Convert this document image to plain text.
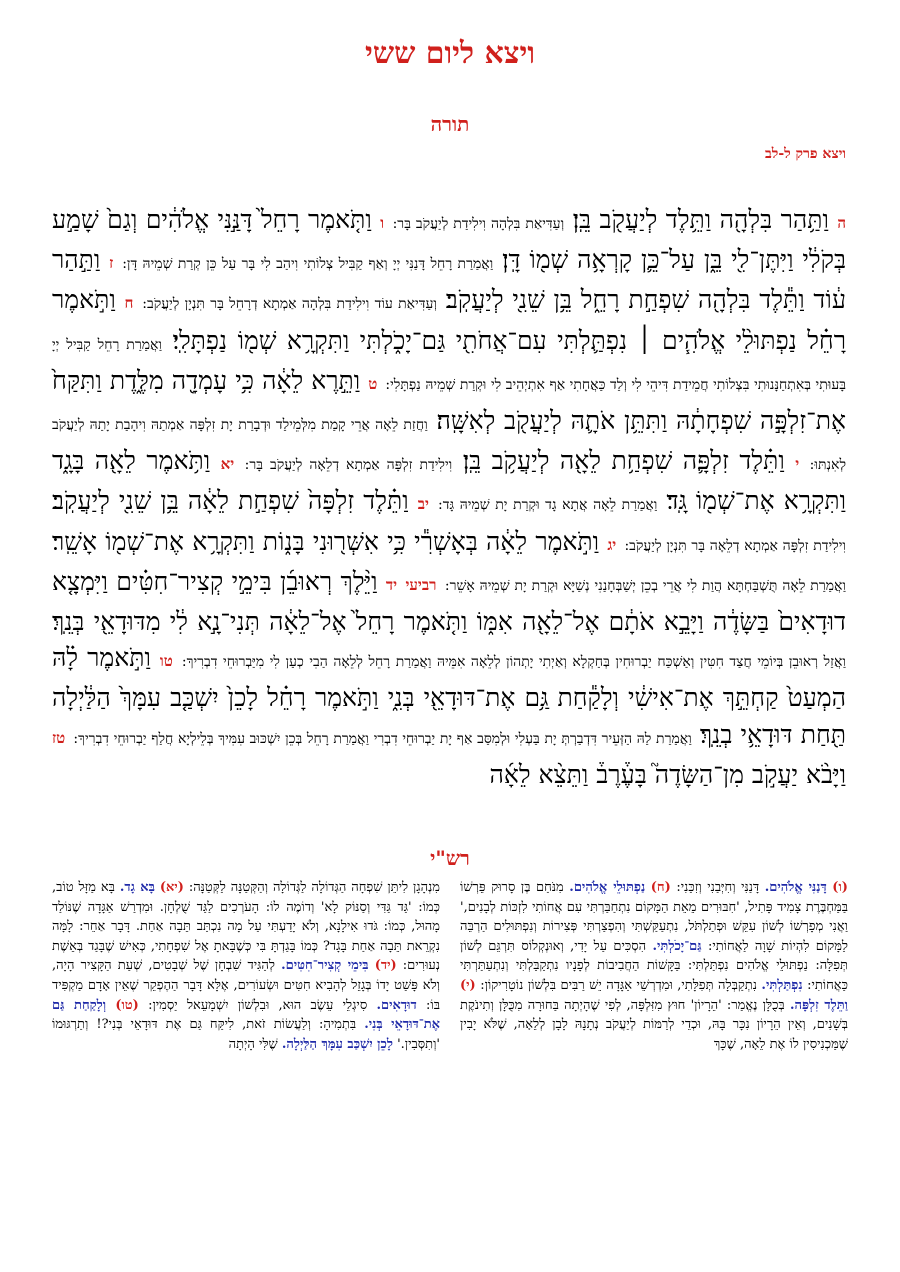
ויצא ליום ששי
תורה
ויצא פרק ל-לב

ה וַתַּ֥הַר בִּלְהָ֖ה וַתֵּ֥לֶד לְיַעֲקֹ֖ב בֵּֽן׃ וְעַדִּיאַת בִּלְהָה וִילִידַת לְיַעֲקֹב בָּר: ו וַתֹּ֤אמֶר רָחֵל֙ דָּנַּ֣נִּי אֱלֹהִ֔ים וְגַם֙ שָׁמַ֣ע בְּקֹלִ֔י וַיִּתֶּן־לִ֖י בֵּ֑ן עַל־כֵּ֛ן קָרְאָ֥ה שְׁמ֖וֹ דָּֽן׃ וַאֲמַרַת רָחֵל דָּנַנִּי יְיָ וְאַף קַבִּיל צְלוֹתִי וִיהַב לִי בָּר עַל כֵּן קְרַת שְׁמֵיהּ דָּן: ז וַתַּ֣הַר ע֔וֹד וַתֵּ֕לֶד בִּלְהָ֖ה שִׁפְחַ֣ת רָחֵ֑ל בֵּ֥ן שֵׁנִ֖י לְיַעֲקֹֽב׃ וְעַדִּיאַת עוֹד וִילִידַת בִּלְהָה אַמְתָא דְרָחֵל בָּר תִּנְיָן לְיַעֲקֹב: ח וַתֹּ֣אמֶר רָחֵ֗ל נַפְתּוּלֵ֨י אֱלֹהִ֧ים ׀ נִפְתַּ֛לְתִּי עִם־אֲחֹתִ֖י גַּם־יָכֹ֑לְתִּי וַתִּקְרָ֥א שְׁמ֖וֹ נַפְתָּלִֽי׃ וַאֲמַרַת רָחֵל קַבִּיל יְיָ בָּעוּתִי בְּאִתְחַנָּנוּתִי בִּצְלוֹתִי חֲמֵידַת דִּיהֵי לִי וְלַד כַּאֲחָתִי אַף אִתְיְהֵיב לִי וּקְרַת שְׁמֵיהּ נַפְתָּלִי: ט וַתֵּ֣רֶא לֵאָ֔ה כִּ֥י עָמְדָ֖ה מִלֶּ֑דֶת וַתִּקַּח֙ אֶת־זִלְפָּ֣ה שִׁפְחָתָ֔הּ וַתִּתֵּ֥ן אֹתָ֛הּ לְיַעֲקֹ֖ב לְאִשָּֽׁה׃ וַחֲזַת לֵאָה אֲרֵי קָמַת מִלְּמֵילַד וּדְבָרַת יָת זִלְפָּה אַמְתַהּ וִיהָבַת יָתַהּ לְיַעֲקֹב לְאִנְתּוּ: י וַתֵּ֗לֶד זִלְפָּ֛ה שִׁפְחַ֥ת לֵאָ֖ה לְיַעֲקֹ֥ב בֵּֽן׃ וִילִידַת זִלְפָּה אַמְתָא דְלֵאָה לְיַעֲקֹב בָּר: יא וַתֹּ֥אמֶר לֵאָ֖ה בָּגָ֑ד וַתִּקְרָ֥א אֶת־שְׁמ֖וֹ גָּֽד׃ וַאֲמַרַת לֵאָה אֲתָא גָד וּקְרַת יָת שְׁמֵיהּ גָּד: יב וַתֵּ֗לֶד זִלְפָּה֙ שִׁפְחַ֣ת לֵאָ֔ה בֵּ֥ן שֵׁנִ֖י לְיַעֲקֹֽב׃ וִילִידַת זִלְפָּה אַמְתָא דְלֵאָה בָּר תִּנְיָן לְיַעֲקֹב: יג וַתֹּ֣אמֶר לֵאָ֔ה בְּאָשְׁרִ֕י כִּ֥י אִשְּׁר֖וּנִי בָּנ֑וֹת וַתִּקְרָ֥א אֶת־שְׁמ֖וֹ אָשֵֽׁר׃ וַאֲמַרַת לֵאָה תֻּשְׁבַּחְתָּא הֲוַת לִי אֲרֵי בְכֵן יְשַׁבְּחָנַנִי נְשַׁיָּא וּקְרַת יָת שְׁמֵיהּ אָשֵׁר: רביעי יד וַיֵּ֨לֶךְ רְאוּבֵ֜ן בִּימֵ֣י קְצִיר־חִטִּ֗ים וַיִּמְצָ֤א דוּדָאִים֙ בַּשָּׂדֶ֔ה וַיָּבֵ֣א אֹתָ֔ם אֶל־לֵאָ֖ה אִמּ֑וֹ וַתֹּ֤אמֶר רָחֵל֙ אֶל־לֵאָ֔ה תְּנִי־נָ֣א לִ֔י מִדּוּדָאֵ֖י בְּנֵֽךְ׃ וַאֲזַל רְאוּבֵן בְּיוֹמֵי חֲצַד חִטִּין וְאַשְׁכַּח יַבְרוּחִין בְּחַקְלָא וְאַיְתִי יָתְהוֹן לְלֵאָה אִמֵּיהּ וַאֲמַרַת רָחֵל לְלֵאָה הַבִי כְעַן לִי מִיַּבְרוּחֵי דִבְרִיךְ: טו וַתֹּ֣אמֶר לָ֗הּ הַמְעַט֙ קַחְתֵּ֣ךְ אֶת־אִישִׁ֔י וְלָקַ֕חַת גַּ֥ם אֶת־דּוּדָאֵ֖י בְּנִ֑י וַתֹּ֣אמֶר רָחֵ֗ל לָכֵן֙ יִשְׁכַּ֤ב עִמָּךְ֙ הַלַּ֔יְלָה תַּ֖חַת דּוּדָאֵ֥י בְנֵֽךְ׃ וַאֲמַרַת לַהּ הַזְּעֵיר דִּדְבַרְתְּ יָת בַּעְלִי וּלְמִסַּב אַף יָת יַבְרוּחֵי דִבְרִי וַאֲמַרַת רָחֵל בְּכֵן יִשְׁכּוּב עִמִּיךְ בְּלֵילְיָא חֲלַף יַבְרוּחֵי דִבְרִיךְ: טז וַיָּבֹ֨א יַעֲקֹ֣ב מִן־הַשָּׂדֶה֮ בָּעֶ֒רֶב֒ וַתֵּצֵ֨א לֵאָ֜ה

רש"י

(ו) דָּנַנִּי אֱלֹהִים. דָּנַנִּי וְחִיְּבַנִי וְזִכַּנִי: (ח) נַפְתּוּלֵי אֱלֹהִים. מִנֹּחַם בֶּן סָרוּק פֵּרְשׁוֹ בַּמַּחְבֶּרֶת צָמִיד פָּתִיל, 'חִבּוּרִים מֵאֵת הַמָּקוֹם נִתְחַבַּרְתִּי עִם אֲחוֹתִי לִזְכּוֹת לְבָנִים,' וַאֲנִי מְפָרְשׁוֹ לְשׁוֹן עִקֵּשׁ וּפְתַלְתֹּל, נִתְעַקַּשְׁתִּי וְהִפְצַרְתִּי פְּצִירוֹת וְנִפְתּוּלִים הַרְבֵּה לַמָּקוֹם לִהְיוֹת שָׁוָה לַאֲחוֹתִי: גַּם־יָכֹלְתִּי. הִסְכִּים עַל יָדִי, וְאוּנְקְלוֹס תִּרְגֵּם לְשׁוֹן תְּפִלָּה: נַפְתּוּלֵי אֱלֹהִים נִפְתַּלְתִּי: בַּקָּשׁוֹת הַחֲבִיבוֹת לְפָנָיו נִתְקַבַּלְתִּי וְנִתְעַתַּרְתִּי כַּאֲחוֹתִי: נִפְתַּלְתִּי. נִתְקַבְּלָה תְּפִלָּתִי, וּמִדְרְשֵׁי אַגָּדָה יֵשׁ רַבִּים בִּלְשׁוֹן נוֹטָרִיקוֹן: (י) וַתֵּלֶד זִלְפָּה. בְּכֻלָּן נֶאֱמַר: 'הֵרָיוֹן' חוּץ מִזִּלְפָּה, לְפִי שֶׁהָיְתָה בַּחוּרָה מִכֻּלָּן וְתִינֹקֶת בְּשָׁנִים, וְאֵין הֵרָיוֹן נִכָּר בָּהּ, וּכְדֵי לְרַמּוֹת לְיַעֲקֹב נְתָנָהּ לָבָן לְלֵאָה, שֶׁלֹּא יָבִין שֶׁמַּכְנִיסִין לוֹ אֶת לֵאָה, שֶׁכָּךְ

מִנְהָגָן לִיתֵּן שִׁפְחָה הַגְּדוֹלָה לַגְּדוֹלָה וְהַקְּטַנָּה לַקְּטַנָּה: (יא) בָּא גָד. בָּא מַזָּל טוֹב, כְּמוֹ: 'גַּד גַּדִּי וְסַנּוֹק לָא' וְדוֹמֶה לוֹ: הָעֹרְכִים לַגַּד שֻׁלְחָן. וּמִדְרַשׁ אַגָּדָה שֶׁנּוֹלַד מָהוּל, כְּמוֹ: גֹּדוּ אִילָנָא, וְלֹא יָדַעְתִּי עַל מָה נִכְתַּב תֵּבָה אַחַת. דָּבָר אַחֵר: לָמָּה נִקְרֵאת תֵּבָה אַחַת בָּגָד? כְּמוֹ בָּגַדְתָּ בִּי כְּשֶׁבָּאתָ אֶל שִׁפְחָתִי, כְּאִישׁ שֶׁבָּגַד בְּאֵשֶׁת נְעוּרִים: (יד) בִּימֵי קְצִיר־חִטִּים. לְהַגִּיד שִׁבְחָן שֶׁל שְׁבָטִים, שְׁעַת הַקָּצִיר הָיָה, וְלֹא פָּשַׁט יָדוֹ בְּגָזֵל לְהָבִיא חִטִּים וּשְׂעוֹרִים, אֶלָּא דָּבָר הַהֶפְקֵר שֶׁאֵין אָדָם מַקְפִּיד בּוֹ: דוּדָאִים. סִיגְלֵי עֵשֶׂב הוּא, וּבִלְשׁוֹן יִשְׁמָעֵאל יַסְמִין: (טו) וְלָקַחַת גַּם אֶת־דּוּדָאֵי בְּנִי. בִּתְמִיהָ: וְלַעֲשׂוֹת זֹאת, לִיקַּח גַּם אֶת דּוּדָאֵי בְּנִי?! וְתַרְגּוּמוֹ 'וְתִסְּבִין.' לָכֵן יִשְׁכַּב עִמָּךְ הַלַּיְלָה. שֶׁלִּי הָיְתָה
